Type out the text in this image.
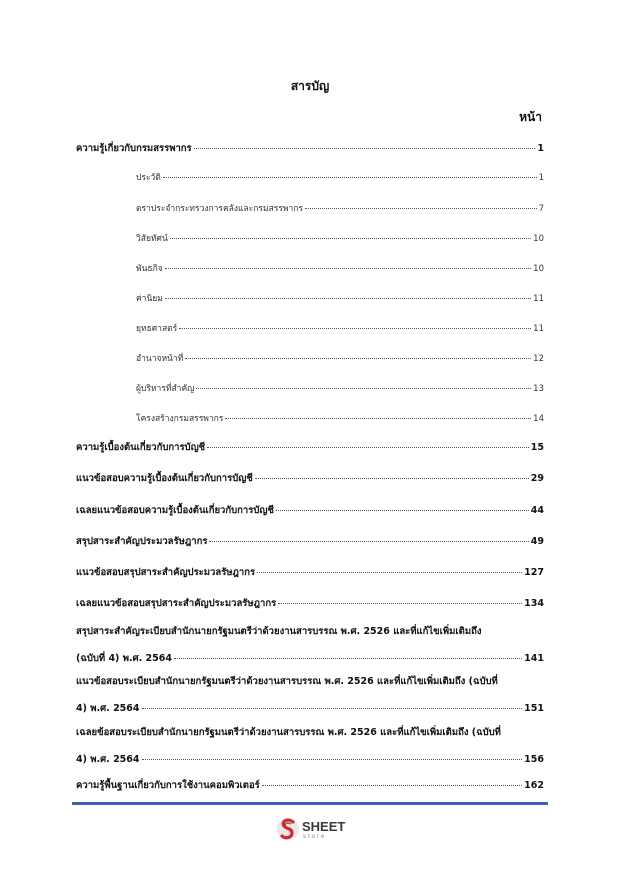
สารบัญ
หน้า
ความรู้เกี่ยวกับกรมสรรพากร	1
ประวัติ	1
ตราประจำกระทรวงการคลังและกรมสรรพากร	7
วิสัยทัศน์	10
พันธกิจ	10
ค่านิยม	11
ยุทธศาสตร์	11
อำนาจหน้าที่	12
ผู้บริหารที่สำคัญ	13
โครงสร้างกรมสรรพากร	14
ความรู้เบื้องต้นเกี่ยวกับการบัญชี	15
แนวข้อสอบความรู้เบื้องต้นเกี่ยวกับการบัญชี	29
เฉลยแนวข้อสอบความรู้เบื้องต้นเกี่ยวกับการบัญชี	44
สรุปสาระสำคัญประมวลรัษฎากร	49
แนวข้อสอบสรุปสาระสำคัญประมวลรัษฎากร	127
เฉลยแนวข้อสอบสรุปสาระสำคัญประมวลรัษฎากร	134
สรุปสาระสำคัญระเบียบสำนักนายกรัฐมนตรีว่าด้วยงานสารบรรณ พ.ศ. 2526 และที่แก้ไขเพิ่มเติมถึง
(ฉบับที่ 4) พ.ศ. 2564	141
แนวข้อสอบระเบียบสำนักนายกรัฐมนตรีว่าด้วยงานสารบรรณ พ.ศ. 2526 และที่แก้ไขเพิ่มเติมถึง (ฉบับที่
4) พ.ศ. 2564	151
เฉลยข้อสอบระเบียบสำนักนายกรัฐมนตรีว่าด้วยงานสารบรรณ พ.ศ. 2526 และที่แก้ไขเพิ่มเติมถึง (ฉบับที่
4) พ.ศ. 2564	156
ความรู้พื้นฐานเกี่ยวกับการใช้งานคอมพิวเตอร์	162
SHEET
store
